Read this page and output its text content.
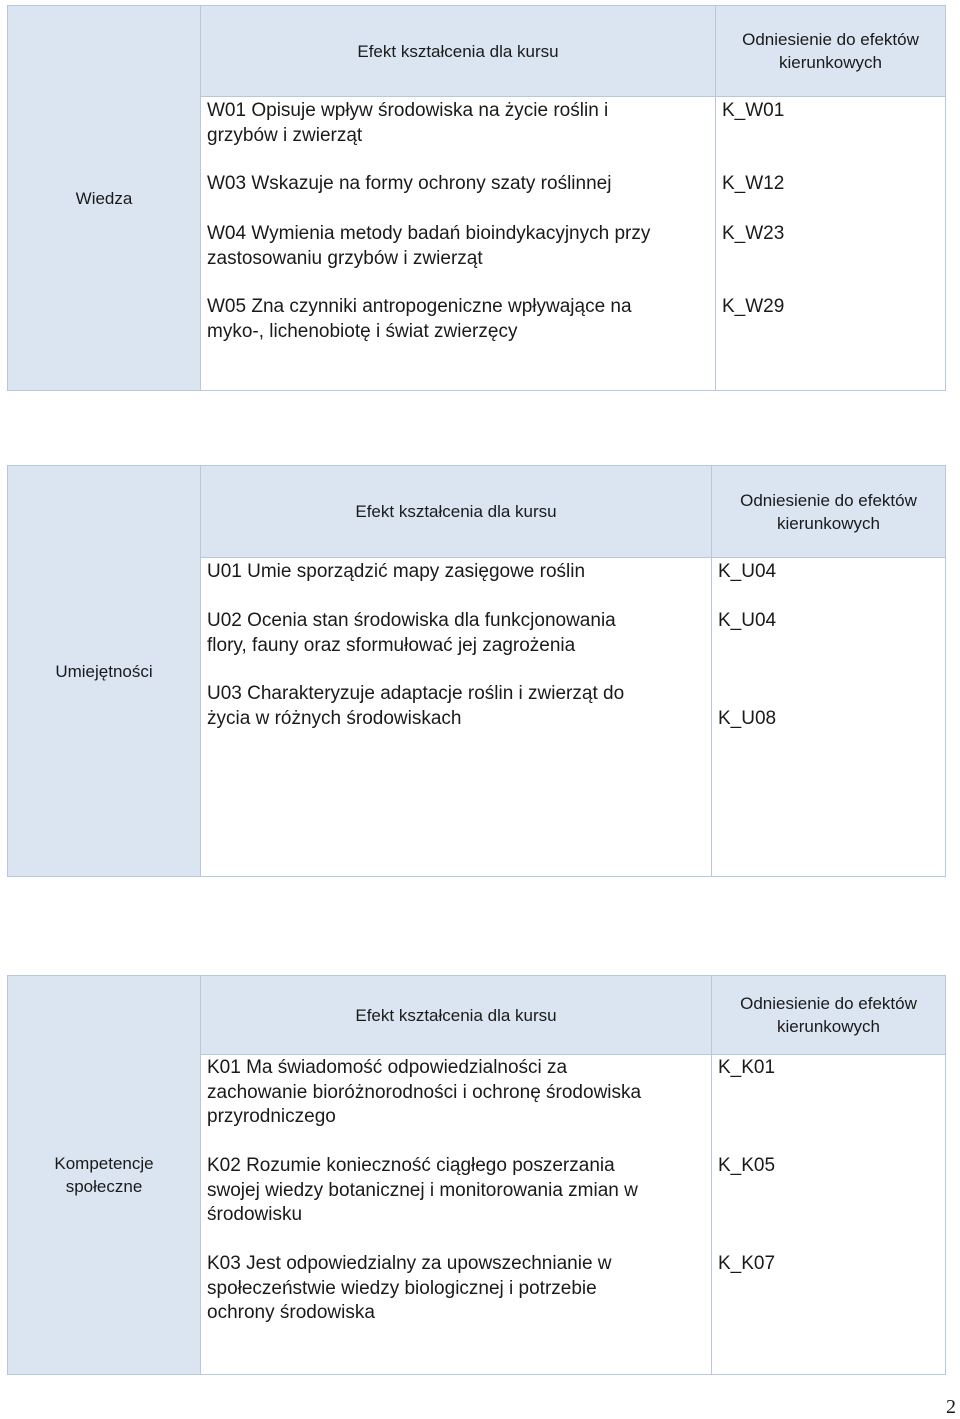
Wiedza
Efekt kształcenia dla kursu
Odniesienie do efektów kierunkowych
W01 Opisuje wpływ środowiska na życie roślin i
grzybów i zwierząt
K_W01
W03 Wskazuje na formy ochrony szaty roślinnej	K_W12
W04 Wymienia metody badań bioindykacyjnych przy
zastosowaniu grzybów i zwierząt
K_W23
W05 Zna czynniki antropogeniczne wpływające na
myko-, lichenobiotę i świat zwierzęcy
K_W29
Umiejętności
Efekt kształcenia dla kursu
Odniesienie do efektów kierunkowych
U01 Umie sporządzić mapy zasięgowe roślin	K_U04
U02 Ocenia stan środowiska dla funkcjonowania
flory, fauny oraz sformułować jej zagrożenia
K_U04
U03 Charakteryzuje adaptacje roślin i zwierząt do
życia w różnych środowiskach	K_U08
Kompetencje społeczne
Efekt kształcenia dla kursu
Odniesienie do efektów kierunkowych
K01 Ma świadomość odpowiedzialności za
zachowanie bioróżnorodności i ochronę środowiska
przyrodniczego
K_K01
K02 Rozumie konieczność ciągłego poszerzania
swojej wiedzy botanicznej i monitorowania zmian w
środowisku
K_K05
K03 Jest odpowiedzialny za upowszechnianie w
społeczeństwie wiedzy biologicznej i potrzebie
ochrony środowiska
K_K07
2
